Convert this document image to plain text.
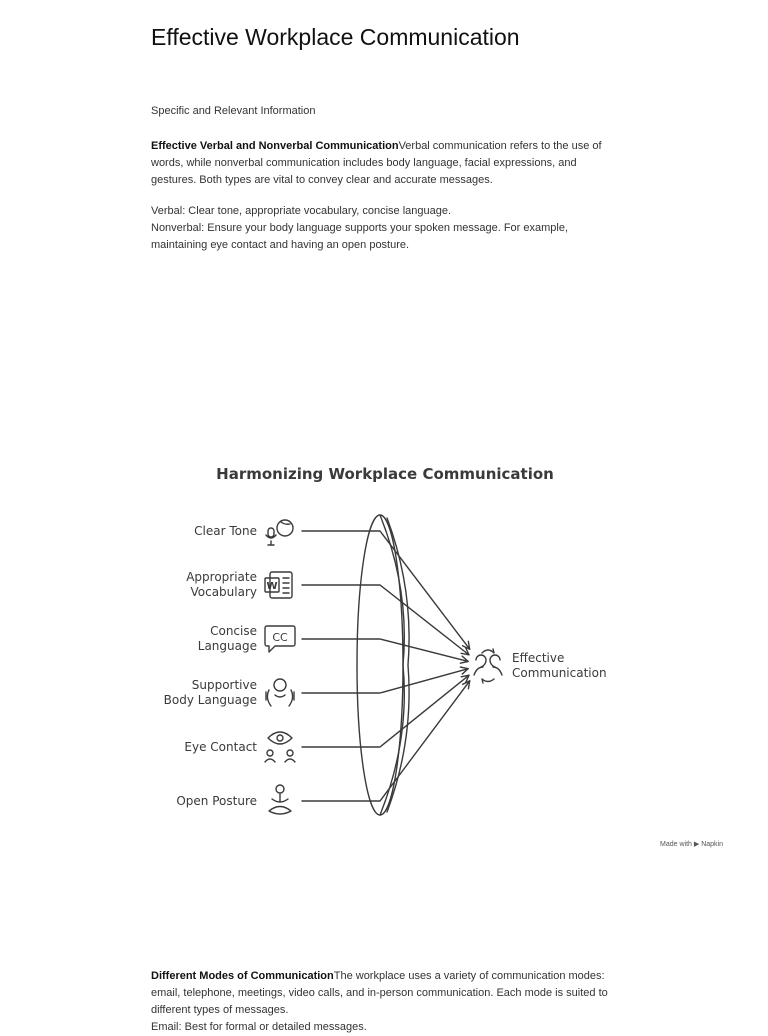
Effective Workplace Communication
Specific and Relevant Information

Effective Verbal and Nonverbal CommunicationVerbal communication refers to the use of words, while nonverbal communication includes body language, facial expressions, and gestures. Both types are vital to convey clear and accurate messages.

Verbal: Clear tone, appropriate vocabulary, concise language.
Nonverbal: Ensure your body language supports your spoken message. For example, maintaining eye contact and having an open posture.

Harmonizing Workplace Communication
Clear Tone
Appropriate
Vocabulary
Concise
Language
Supportive
Body Language
Eye Contact
Open Posture
W
CC
Effective
Communication
Made with ▶ Napkin

Different Modes of CommunicationThe workplace uses a variety of communication modes: email, telephone, meetings, video calls, and in-person communication. Each mode is suited to different types of messages.
Email: Best for formal or detailed messages.
